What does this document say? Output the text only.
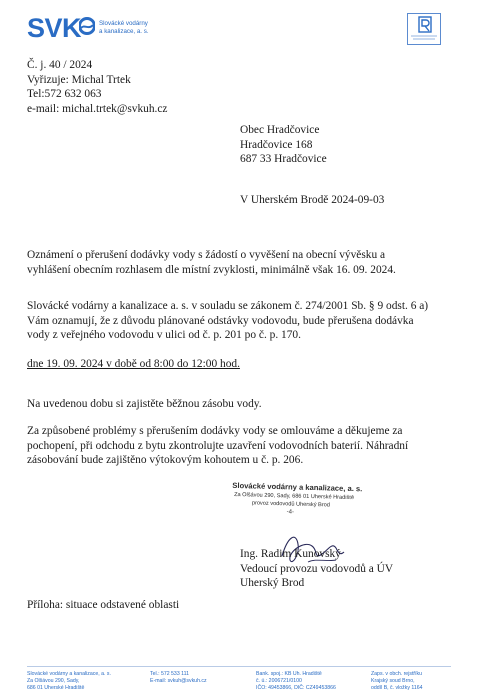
SVK	Slovácké vodárny
a kanalizace, a. s.
Č. j. 40 / 2024
Vyřizuje: Michal Trtek
Tel:572 632 063
e-mail: michal.trtek@svkuh.cz
Obec Hradčovice
Hradčovice 168
687 33 Hradčovice
V Uherském Brodě 2024-09-03
Oznámení o přerušení dodávky vody s žádostí o vyvěšení na obecní vývěsku a
vyhlášení obecním rozhlasem dle místní zvyklosti, minimálně však 16. 09. 2024.
Slovácké vodárny a kanalizace a. s. v souladu se zákonem č. 274/2001 Sb. § 9 odst. 6 a)
Vám oznamují, že z důvodu plánované odstávky vodovodu, bude přerušena dodávka
vody z veřejného vodovodu v ulici od č. p. 201 po č. p. 170.
dne 19. 09. 2024 v době od 8:00 do 12:00 hod.
Na uvedenou dobu si zajistěte běžnou zásobu vody.
Za způsobené problémy s přerušením dodávky vody se omlouváme a děkujeme za
pochopení, při odchodu z bytu zkontrolujte uzavření vodovodních baterií. Náhradní
zásobování bude zajištěno výtokovým kohoutem u č. p. 206.
Slovácké vodárny a kanalizace, a. s.
Za Olšávou 290, Sady, 686 01 Uherské Hradiště
provoz vodovodů Uherský Brod
-4-
Ing. Radim Kunovský
Vedoucí provozu vodovodů a ÚV
Uherský Brod
Příloha: situace odstavené oblasti
Slovácké vodárny a kanalizace, a. s.
Za Olšávou 290, Sady,
686 01 Uherské Hradiště
Tel.: 572 533 111
E-mail: svkuh@svkuh.cz
Bank. spoj.: KB Uh. Hradiště
č. ú.: 2006721/0100
IČO: 49453866, DIČ: CZ49453866
Zaps. v obch. rejstříku
Krajský soud Brno,
oddíl B, č. vložky 1164
